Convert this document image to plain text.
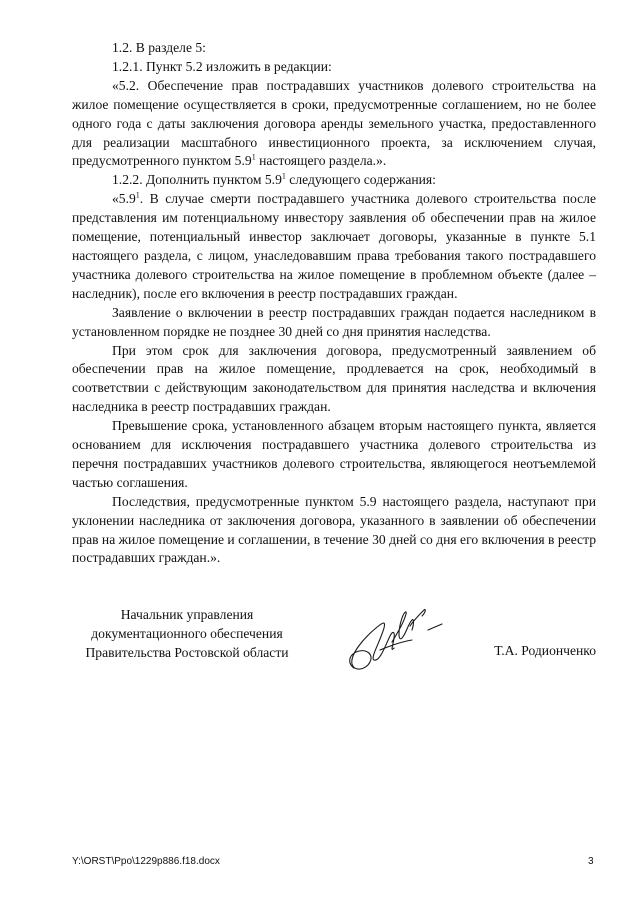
1.2. В разделе 5:

1.2.1. Пункт 5.2 изложить в редакции:

«5.2. Обеспечение прав пострадавших участников долевого строительства на жилое помещение осуществляется в сроки, предусмотренные соглашением, но не более одного года с даты заключения договора аренды земельного участка, предоставленного для реализации масштабного инвестиционного проекта, за исключением случая, предусмотренного пунктом $5.9^1$ настоящего раздела.».

1.2.2. Дополнить пунктом $5.9^1$ следующего содержания:

«$5.9^1$. В случае смерти пострадавшего участника долевого строительства после представления им потенциальному инвестору заявления об обеспечении прав на жилое помещение, потенциальный инвестор заключает договоры, указанные в пункте 5.1 настоящего раздела, с лицом, унаследовавшим права требования такого пострадавшего участника долевого строительства на жилое помещение в проблемном объекте (далее – наследник), после его включения в реестр пострадавших граждан.

Заявление о включении в реестр пострадавших граждан подается наследником в установленном порядке не позднее 30 дней со дня принятия наследства.

При этом срок для заключения договора, предусмотренный заявлением об обеспечении прав на жилое помещение, продлевается на срок, необходимый в соответствии с действующим законодательством для принятия наследства и включения наследника в реестр пострадавших граждан.

Превышение срока, установленного абзацем вторым настоящего пункта, является основанием для исключения пострадавшего участника долевого строительства из перечня пострадавших участников долевого строительства, являющегося неотъемлемой частью соглашения.

Последствия, предусмотренные пунктом 5.9 настоящего раздела, наступают при уклонении наследника от заключения договора, указанного в заявлении об обеспечении прав на жилое помещение и соглашении, в течение 30 дней со дня его включения в реестр пострадавших граждан.».

Начальник управления
документационного обеспечения
Правительства Ростовской области	Т.А. Родионченко
Y:\ORST\Ppo\1229p886.f18.docx	3
